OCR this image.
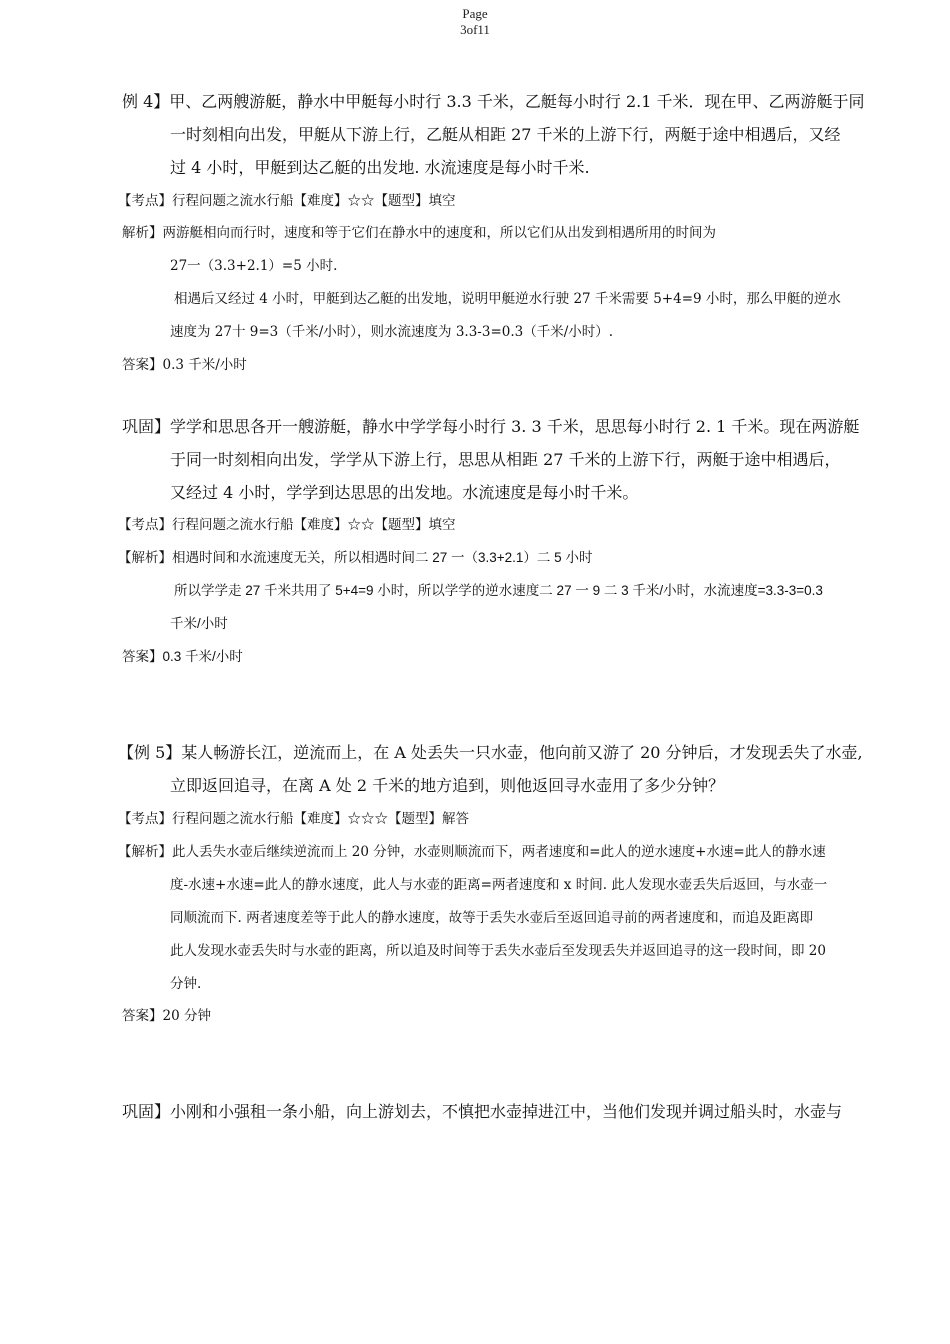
Page
3of11
例 4】甲、乙两艘游艇，静水中甲艇每小时行 3.3 千米，乙艇每小时行 2.1 千米．现在甲、乙两游艇于同
一时刻相向出发，甲艇从下游上行，乙艇从相距 27 千米的上游下行，两艇于途中相遇后，又经
过 4 小时，甲艇到达乙艇的出发地. 水流速度是每小时千米.
【考点】行程问题之流水行船【难度】☆☆【题型】填空
解析】两游艇相向而行时，速度和等于它们在静水中的速度和，所以它们从出发到相遇所用的时间为
27一（3.3+2.1）=5 小时.
相遇后又经过 4 小时，甲艇到达乙艇的出发地，说明甲艇逆水行驶 27 千米需要 5+4=9 小时，那么甲艇的逆水
速度为 27十 9=3（千米/小时），则水流速度为 3.3-3=0.3（千米/小时）.
答案】0.3 千米/小时
巩固】学学和思思各开一艘游艇，静水中学学每小时行 3. 3 千米，思思每小时行 2. 1 千米。现在两游艇
于同一时刻相向出发，学学从下游上行，思思从相距 27 千米的上游下行，两艇于途中相遇后，
又经过 4 小时，学学到达思思的出发地。水流速度是每小时千米。
【考点】行程问题之流水行船【难度】☆☆【题型】填空
【解析】相遇时间和水流速度无关，所以相遇时间二 27 一（3.3+2.1）二 5 小时
所以学学走 27 千米共用了 5+4=9 小时，所以学学的逆水速度二 27 一 9 二 3 千米/小时，水流速度=3.3-3=0.3
千米/小时
答案】0.3 千米/小时
【例 5】某人畅游长江，逆流而上，在 A 处丢失一只水壶，他向前又游了 20 分钟后，才发现丢失了水壶,
立即返回追寻，在离 A 处 2 千米的地方追到，则他返回寻水壶用了多少分钟？
【考点】行程问题之流水行船【难度】☆☆☆【题型】解答
【解析】此人丢失水壶后继续逆流而上 20 分钟，水壶则顺流而下，两者速度和=此人的逆水速度+水速=此人的静水速
度-水速+水速=此人的静水速度，此人与水壶的距离=两者速度和 x 时间. 此人发现水壶丢失后返回，与水壶一
同顺流而下. 两者速度差等于此人的静水速度，故等于丢失水壶后至返回追寻前的两者速度和，而追及距离即
此人发现水壶丢失时与水壶的距离，所以追及时间等于丢失水壶后至发现丢失并返回追寻的这一段时间，即 20
分钟.
答案】20 分钟
巩固】小刚和小强租一条小船，向上游划去，不慎把水壶掉进江中，当他们发现并调过船头时，水壶与
